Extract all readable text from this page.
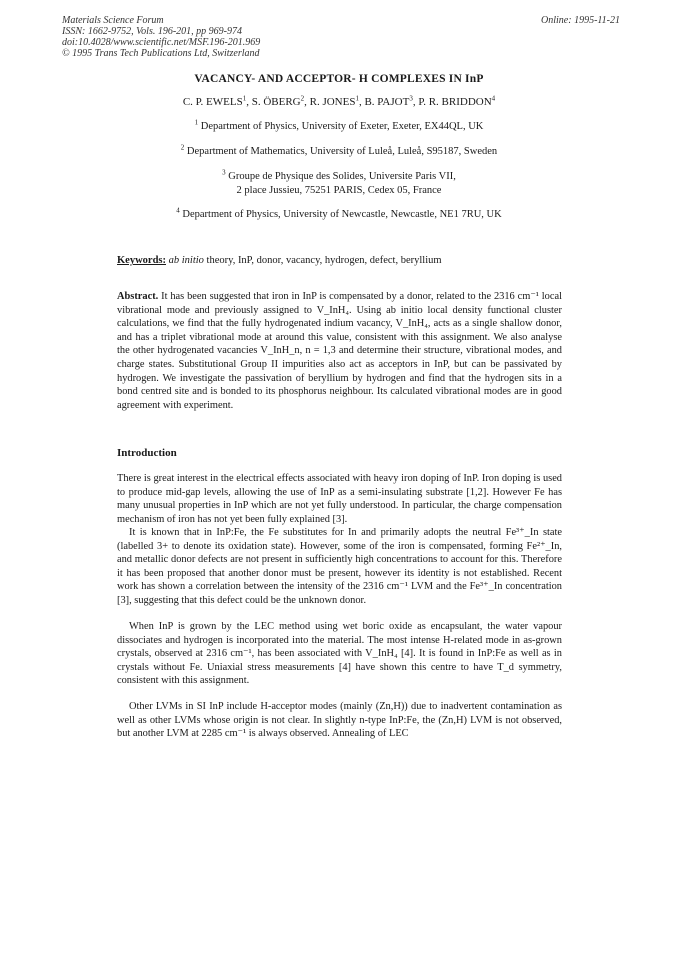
Materials Science Forum
ISSN: 1662-9752, Vols. 196-201, pp 969-974
doi:10.4028/www.scientific.net/MSF.196-201.969
© 1995 Trans Tech Publications Ltd, Switzerland
Online: 1995-11-21
VACANCY- AND ACCEPTOR- H COMPLEXES IN InP
C. P. EWELS$^1$, S. ÖBERG$^2$, R. JONES$^1$, B. PAJOT$^3$, P. R. BRIDDON$^4$
$^1$ Department of Physics, University of Exeter, Exeter, EX44QL, UK
$^2$ Department of Mathematics, University of Luleå, Luleå, S95187, Sweden
$^3$ Groupe de Physique des Solides, Universite Paris VII,
2 place Jussieu, 75251 PARIS, Cedex 05, France
$^4$ Department of Physics, University of Newcastle, Newcastle, NE1 7RU, UK
Keywords: ab initio theory, InP, donor, vacancy, hydrogen, defect, beryllium
Abstract. It has been suggested that iron in InP is compensated by a donor, related to the 2316 cm⁻¹ local vibrational mode and previously assigned to V_InH₄. Using ab initio local density functional cluster calculations, we find that the fully hydrogenated indium vacancy, V_InH₄, acts as a single shallow donor, and has a triplet vibrational mode at around this value, consistent with this assignment. We also analyse the other hydrogenated vacancies V_InH_n, n = 1,3 and determine their structure, vibrational modes, and charge states. Substitutional Group II impurities also act as acceptors in InP, but can be passivated by hydrogen. We investigate the passivation of beryllium by hydrogen and find that the hydrogen sits in a bond centred site and is bonded to its phosphorus neighbour. Its calculated vibrational modes are in good agreement with experiment.
Introduction

There is great interest in the electrical effects associated with heavy iron doping of InP. Iron doping is used to produce mid-gap levels, allowing the use of InP as a semi-insulating substrate [1,2]. However Fe has many unusual properties in InP which are not yet fully understood. In particular, the charge compensation mechanism of iron has not yet been fully explained [3].

It is known that in InP:Fe, the Fe substitutes for In and primarily adopts the neutral Fe³⁺_In state (labelled 3+ to denote its oxidation state). However, some of the iron is compensated, forming Fe²⁺_In, and metallic donor defects are not present in sufficiently high concentrations to account for this. Therefore it has been proposed that another donor must be present, however its identity is not established. Recent work has shown a correlation between the intensity of the 2316 cm⁻¹ LVM and the Fe³⁺_In concentration [3], suggesting that this defect could be the unknown donor.

When InP is grown by the LEC method using wet boric oxide as encapsulant, the water vapour dissociates and hydrogen is incorporated into the material. The most intense H-related mode in as-grown crystals, observed at 2316 cm⁻¹, has been associated with V_InH₄ [4]. It is found in InP:Fe as well as in crystals without Fe. Uniaxial stress measurements [4] have shown this centre to have T_d symmetry, consistent with this assignment.

Other LVMs in SI InP include H-acceptor modes (mainly (Zn,H)) due to inadvertent contamination as well as other LVMs whose origin is not clear. In slightly n-type InP:Fe, the (Zn,H) LVM is not observed, but another LVM at 2285 cm⁻¹ is always observed. Annealing of LEC
